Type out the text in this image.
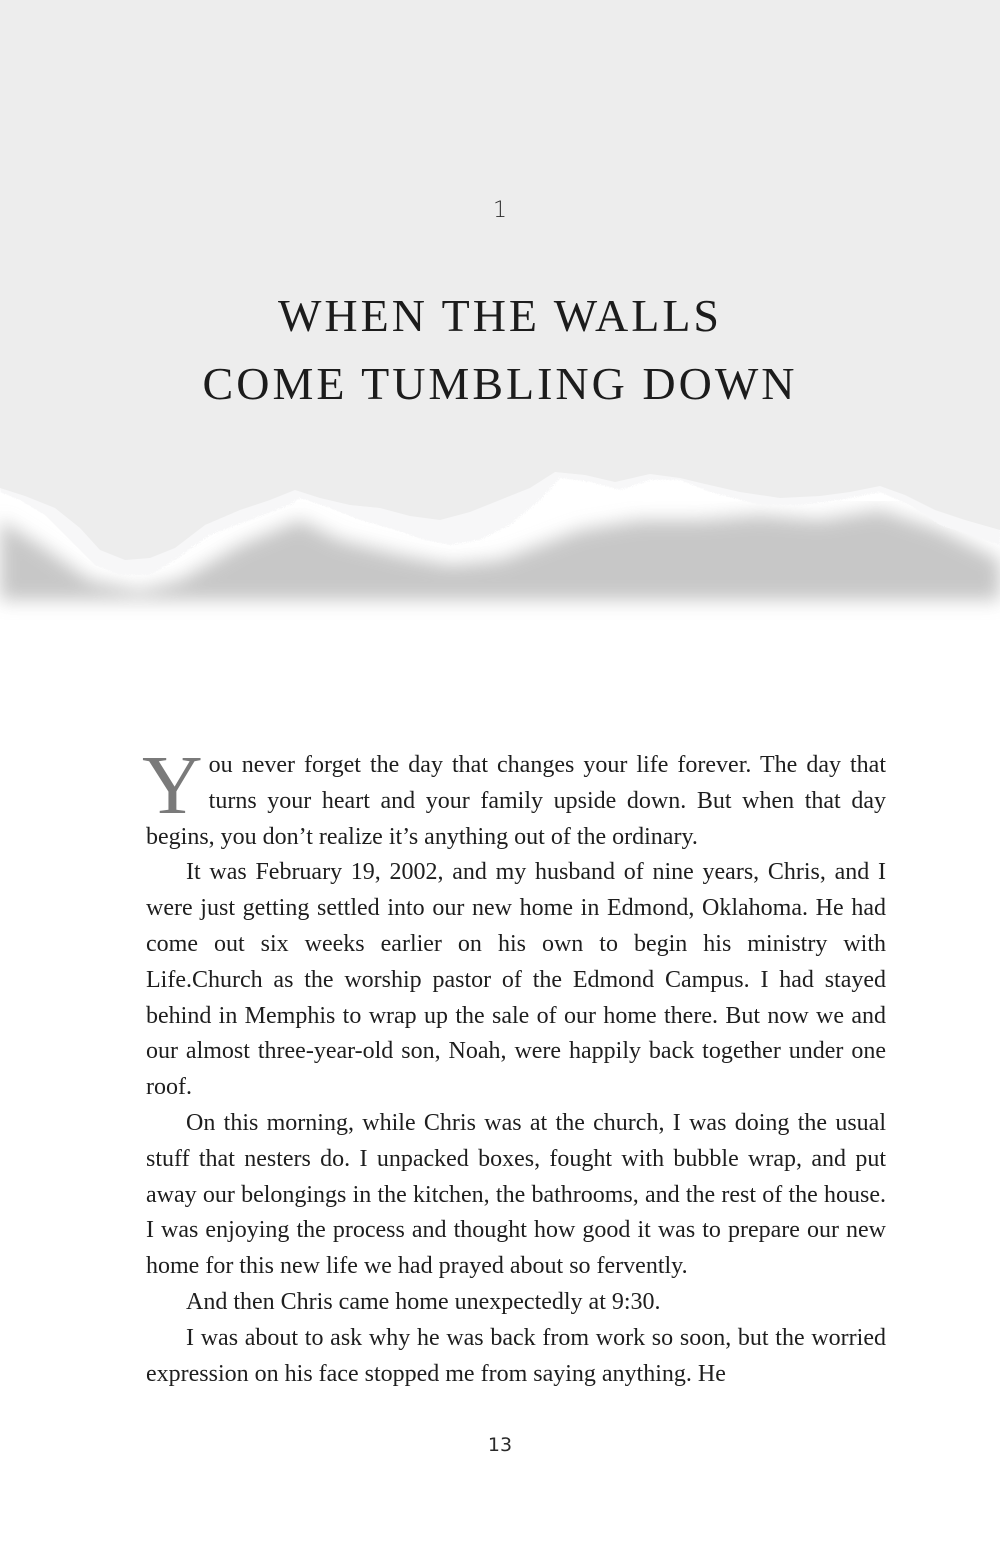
1
WHEN THE WALLS
COME TUMBLING DOWN

You never forget the day that changes your life forever. The day that turns your heart and your family upside down. But when that day begins, you don’t realize it’s anything out of the ordinary.

It was February 19, 2002, and my husband of nine years, Chris, and I were just getting settled into our new home in Edmond, Oklahoma. He had come out six weeks earlier on his own to begin his ministry with Life.Church as the worship pastor of the Edmond Campus. I had stayed behind in Memphis to wrap up the sale of our home there. But now we and our almost three-year-old son, Noah, were happily back together under one roof.

On this morning, while Chris was at the church, I was doing the usual stuff that nesters do. I unpacked boxes, fought with bubble wrap, and put away our belongings in the kitchen, the bathrooms, and the rest of the house. I was enjoying the process and thought how good it was to prepare our new home for this new life we had prayed about so fervently.

And then Chris came home unexpectedly at 9:30.

I was about to ask why he was back from work so soon, but the worried expression on his face stopped me from saying anything. He

13
